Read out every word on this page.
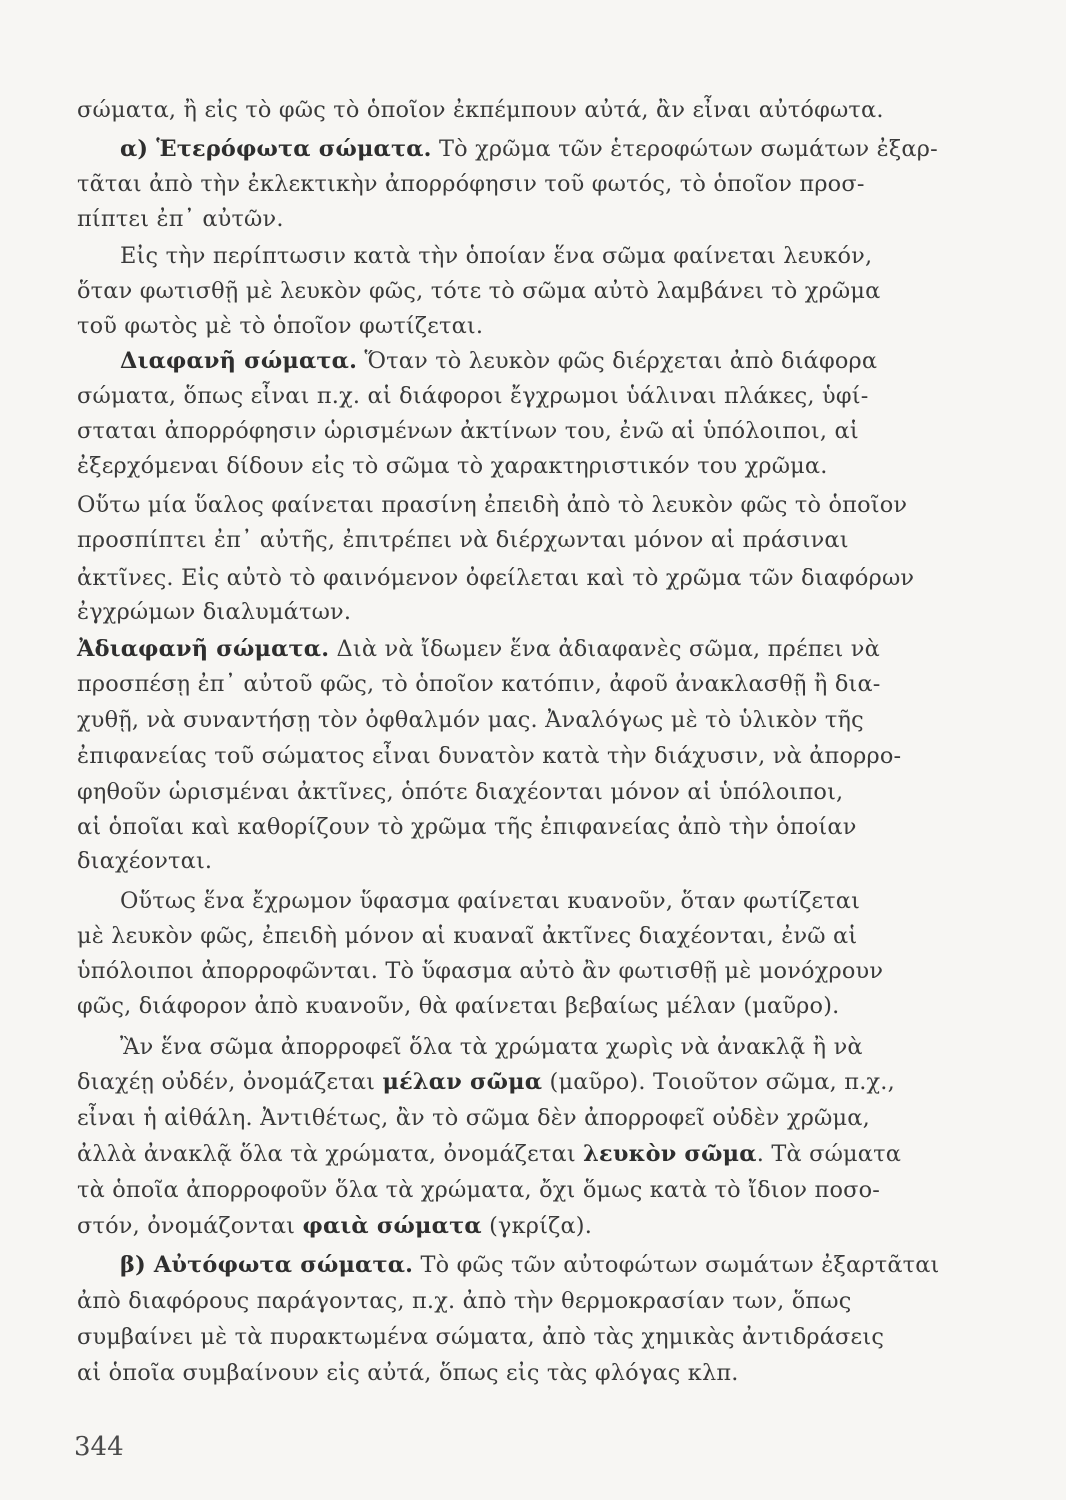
σώματα, ἢ εἰς τὸ φῶς τὸ ὁποῖον ἐκπέμπουν αὐτά, ἂν εἶναι αὐτόφωτα.
α) Ἑτερόφωτα σώματα. Τὸ χρῶμα τῶν ἑτεροφώτων σωμάτων ἐξαρ-
τᾶται ἀπὸ τὴν ἐκλεκτικὴν ἀπορρόφησιν τοῦ φωτός, τὸ ὁποῖον προσ-
πίπτει ἐπ᾽ αὐτῶν.
Εἰς τὴν περίπτωσιν κατὰ τὴν ὁποίαν ἕνα σῶμα φαίνεται λευκόν,
ὅταν φωτισθῇ μὲ λευκὸν φῶς, τότε τὸ σῶμα αὐτὸ λαμβάνει τὸ χρῶμα
τοῦ φωτὸς μὲ τὸ ὁποῖον φωτίζεται.
Διαφανῆ σώματα. Ὅταν τὸ λευκὸν φῶς διέρχεται ἀπὸ διάφορα
σώματα, ὅπως εἶναι π.χ. αἱ διάφοροι ἔγχρωμοι ὑάλιναι πλάκες, ὑφί-
σταται ἀπορρόφησιν ὡρισμένων ἀκτίνων του, ἐνῶ αἱ ὑπόλοιποι, αἱ
ἐξερχόμεναι δίδουν εἰς τὸ σῶμα τὸ χαρακτηριστικόν του χρῶμα.
Οὕτω μία ὕαλος φαίνεται πρασίνη ἐπειδὴ ἀπὸ τὸ λευκὸν φῶς τὸ ὁποῖον
προσπίπτει ἐπ᾽ αὐτῆς, ἐπιτρέπει νὰ διέρχωνται μόνον αἱ πράσιναι
ἀκτῖνες. Εἰς αὐτὸ τὸ φαινόμενον ὀφείλεται καὶ τὸ χρῶμα τῶν διαφόρων
ἐγχρώμων διαλυμάτων.
Ἀδιαφανῆ σώματα. Διὰ νὰ ἴδωμεν ἕνα ἀδιαφανὲς σῶμα, πρέπει νὰ
προσπέσῃ ἐπ᾽ αὐτοῦ φῶς, τὸ ὁποῖον κατόπιν, ἀφοῦ ἀνακλασθῇ ἢ δια-
χυθῇ, νὰ συναντήσῃ τὸν ὀφθαλμόν μας. Ἀναλόγως μὲ τὸ ὑλικὸν τῆς
ἐπιφανείας τοῦ σώματος εἶναι δυνατὸν κατὰ τὴν διάχυσιν, νὰ ἀπορρο-
φηθοῦν ὡρισμέναι ἀκτῖνες, ὁπότε διαχέονται μόνον αἱ ὑπόλοιποι,
αἱ ὁποῖαι καὶ καθορίζουν τὸ χρῶμα τῆς ἐπιφανείας ἀπὸ τὴν ὁποίαν
διαχέονται.
Οὕτως ἕνα ἔχρωμον ὕφασμα φαίνεται κυανοῦν, ὅταν φωτίζεται
μὲ λευκὸν φῶς, ἐπειδὴ μόνον αἱ κυαναῖ ἀκτῖνες διαχέονται, ἐνῶ αἱ
ὑπόλοιποι ἀπορροφῶνται. Τὸ ὕφασμα αὐτὸ ἂν φωτισθῇ μὲ μονόχρουν
φῶς, διάφορον ἀπὸ κυανοῦν, θὰ φαίνεται βεβαίως μέλαν (μαῦρο).
Ἂν ἕνα σῶμα ἀπορροφεῖ ὅλα τὰ χρώματα χωρὶς νὰ ἀνακλᾷ ἢ νὰ
διαχέῃ οὐδέν, ὀνομάζεται μέλαν σῶμα (μαῦρο). Τοιοῦτον σῶμα, π.χ.,
εἶναι ἡ αἰθάλη. Ἀντιθέτως, ἂν τὸ σῶμα δὲν ἀπορροφεῖ οὐδὲν χρῶμα,
ἀλλὰ ἀνακλᾷ ὅλα τὰ χρώματα, ὀνομάζεται λευκὸν σῶμα. Τὰ σώματα
τὰ ὁποῖα ἀπορροφοῦν ὅλα τὰ χρώματα, ὄχι ὅμως κατὰ τὸ ἴδιον ποσο-
στόν, ὀνομάζονται φαιὰ σώματα (γκρίζα).
β) Αὐτόφωτα σώματα. Τὸ φῶς τῶν αὐτοφώτων σωμάτων ἐξαρτᾶται
ἀπὸ διαφόρους παράγοντας, π.χ. ἀπὸ τὴν θερμοκρασίαν των, ὅπως
συμβαίνει μὲ τὰ πυρακτωμένα σώματα, ἀπὸ τὰς χημικὰς ἀντιδράσεις
αἱ ὁποῖα συμβαίνουν εἰς αὐτά, ὅπως εἰς τὰς φλόγας κλπ.
344
